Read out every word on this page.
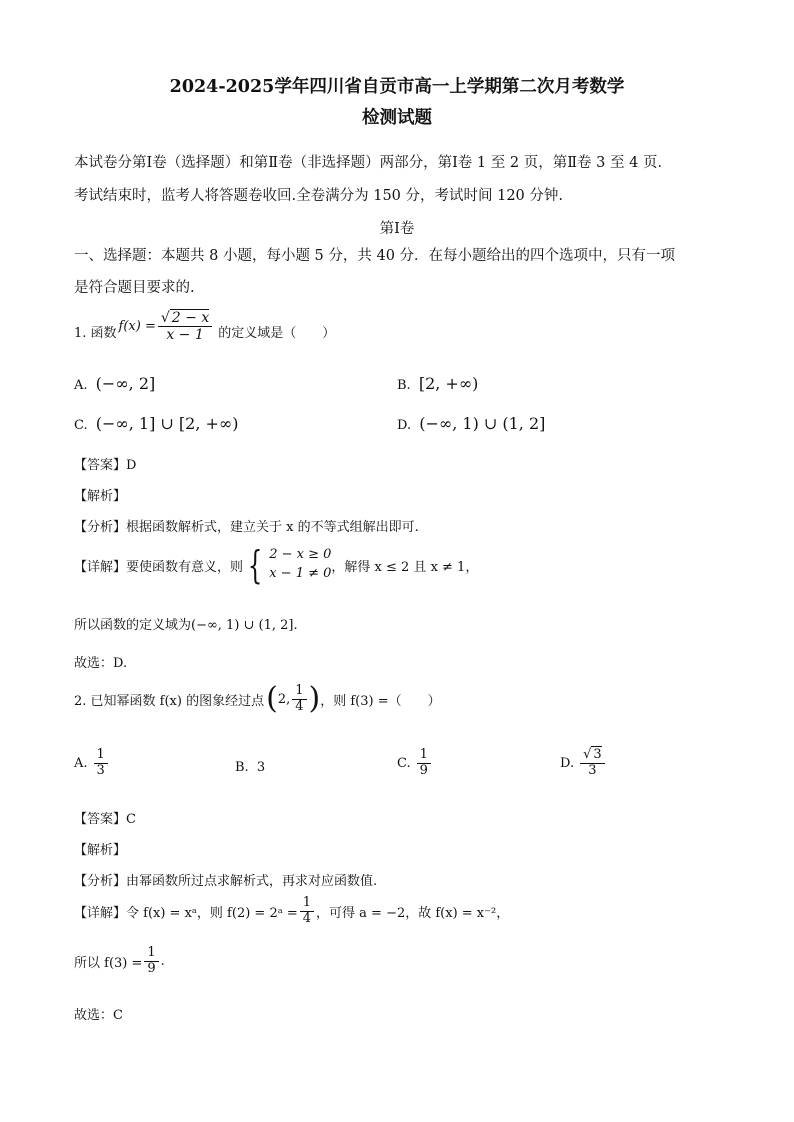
2024-2025学年四川省自贡市高一上学期第二次月考数学
检测试题
本试卷分第Ⅰ卷（选择题）和第Ⅱ卷（非选择题）两部分，第Ⅰ卷 1 至 2 页，第Ⅱ卷 3 至 4 页．
考试结束时，监考人将答题卷收回.全卷满分为 150 分，考试时间 120 分钟.
第Ⅰ卷
一、选择题：本题共 8 小题，每小题 5 分，共 40 分．在每小题给出的四个选项中，只有一项
是符合题目要求的.
1. 函数 $f(x) = \frac{√ 2 - x}{x - 1}$ 的定义域是（　　）
A. (−∞, 2]	B. [2, +∞)
C. (−∞, 1] ∪ [2, +∞)	D. (−∞, 1) ∪ (1, 2]
【答案】D
【解析】
【分析】根据函数解析式，建立关于 x 的不等式组解出即可.
【详解】要使函数有意义，则 { 2 − x ≥ 0
x − 1 ≠ 0 ，解得 x ≤ 2 且 x ≠ 1，
所以函数的定义域为(−∞, 1) ∪ (1, 2].
故选：D.
2. 已知幂函数 f(x) 的图象经过点 ( 2, $\frac{1}{4}$ ) ，则 f(3) =（　　）
A. $\frac{1}{3}$	B. 3	C. $\frac{1}{9}$	D. $\frac{√ 3}{3}$
【答案】C
【解析】
【分析】由幂函数所过点求解析式，再求对应函数值.
【详解】令 f(x) = xᵃ，则 f(2) = 2ᵃ = $\frac{1}{4}$ ，可得 a = −2，故 f(x) = x⁻²，
所以 $f(3) = \frac{1}{9}$ .
故选：C
